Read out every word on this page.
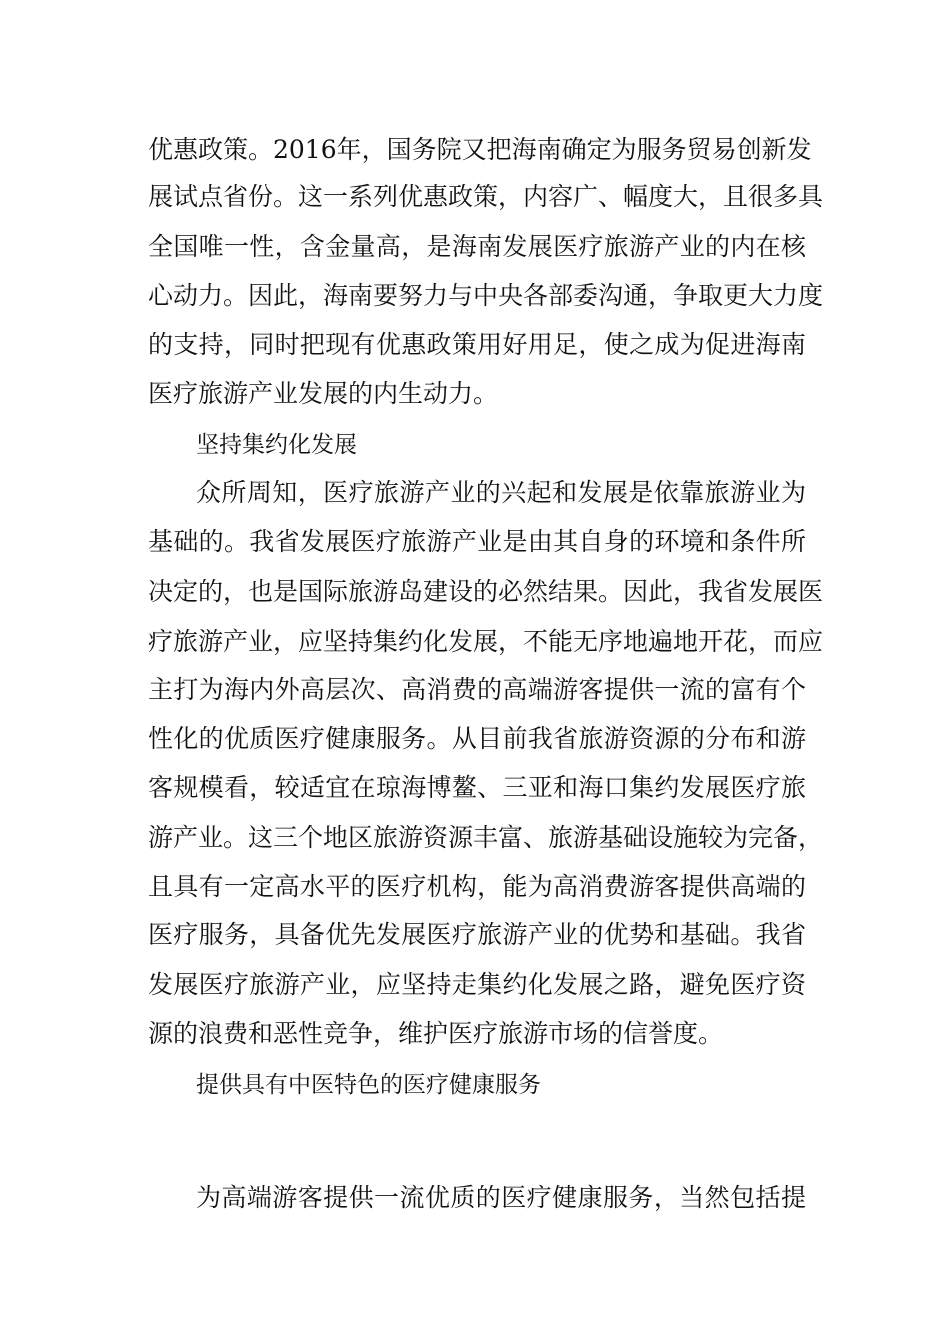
优惠政策。2016年，国务院又把海南确定为服务贸易创新发

展试点省份。这一系列优惠政策，内容广、幅度大，且很多具

全国唯一性，含金量高，是海南发展医疗旅游产业的内在核

心动力。因此，海南要努力与中央各部委沟通，争取更大力度

的支持，同时把现有优惠政策用好用足，使之成为促进海南

医疗旅游产业发展的内生动力。

坚持集约化发展

众所周知，医疗旅游产业的兴起和发展是依靠旅游业为

基础的。我省发展医疗旅游产业是由其自身的环境和条件所

决定的，也是国际旅游岛建设的必然结果。因此，我省发展医

疗旅游产业，应坚持集约化发展，不能无序地遍地开花，而应

主打为海内外高层次、高消费的高端游客提供一流的富有个

性化的优质医疗健康服务。从目前我省旅游资源的分布和游

客规模看，较适宜在琼海博鳌、三亚和海口集约发展医疗旅

游产业。这三个地区旅游资源丰富、旅游基础设施较为完备，

且具有一定高水平的医疗机构，能为高消费游客提供高端的

医疗服务，具备优先发展医疗旅游产业的优势和基础。我省

发展医疗旅游产业，应坚持走集约化发展之路，避免医疗资

源的浪费和恶性竞争，维护医疗旅游市场的信誉度。

提供具有中医特色的医疗健康服务

为高端游客提供一流优质的医疗健康服务，当然包括提
